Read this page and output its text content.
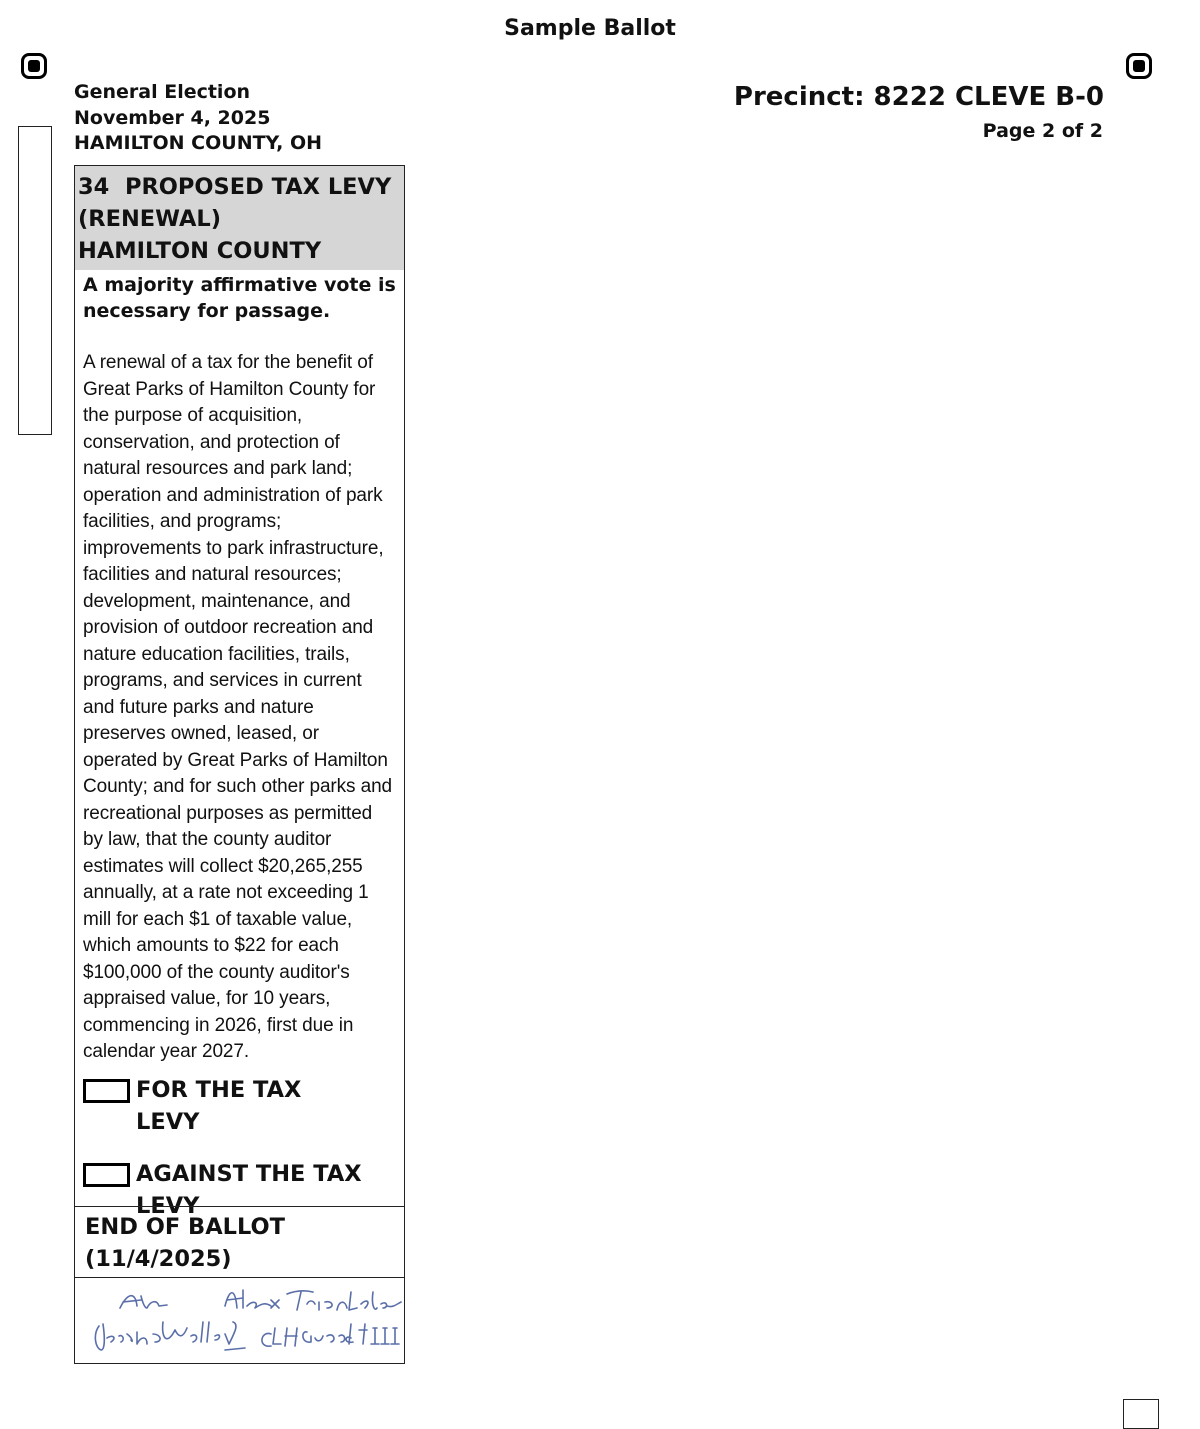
Sample Ballot
General Election
November 4, 2025
HAMILTON COUNTY, OH
Precinct: 8222 CLEVE B-0
Page 2 of 2
34  PROPOSED TAX LEVY
(RENEWAL)
HAMILTON COUNTY
A majority affirmative vote is necessary for passage.
A renewal of a tax for the benefit of Great Parks of Hamilton County for the purpose of acquisition, conservation, and protection of natural resources and park land; operation and administration of park facilities, and programs; improvements to park infrastructure, facilities and natural resources; development, maintenance, and provision of outdoor recreation and nature education facilities, trails, programs, and services in current and future parks and nature preserves owned, leased, or operated by Great Parks of Hamilton County; and for such other parks and recreational purposes as permitted by law, that the county auditor estimates will collect $20,265,255 annually, at a rate not exceeding 1 mill for each $1 of taxable value, which amounts to $22 for each $100,000 of the county auditor's appraised value, for 10 years, commencing in 2026, first due in calendar year 2027.
FOR THE TAX LEVY
AGAINST THE TAX LEVY
END OF BALLOT
(11/4/2025)
